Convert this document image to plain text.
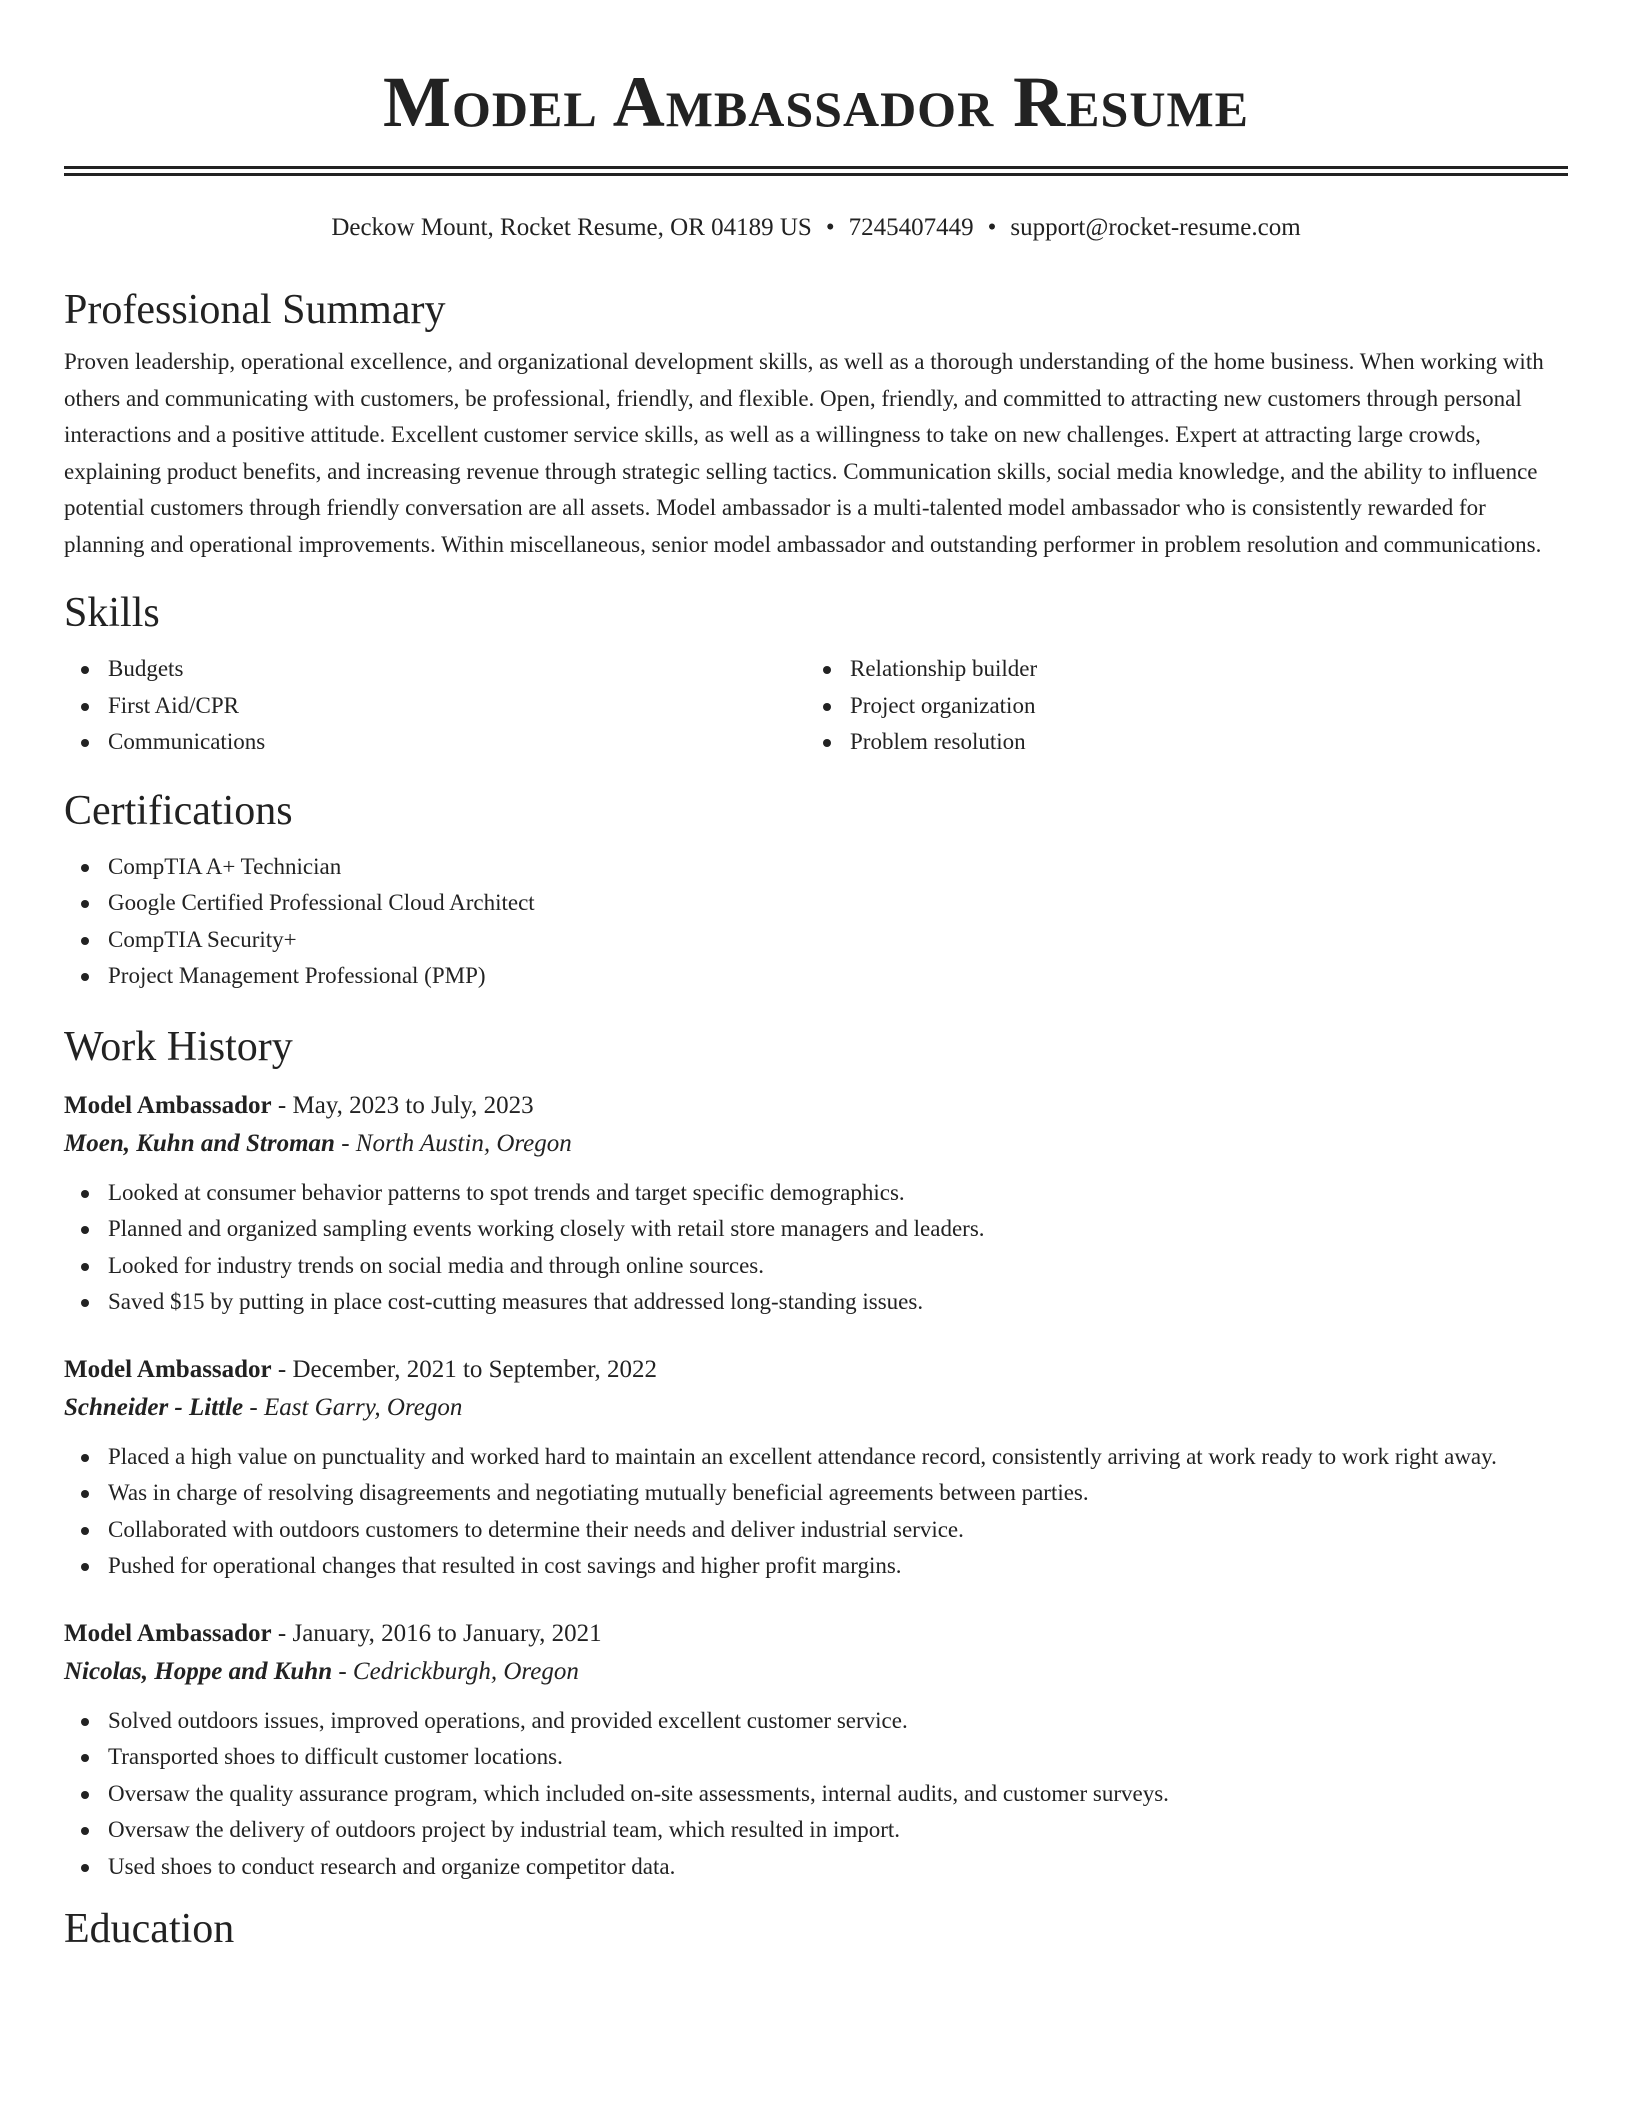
Model Ambassador Resume
Deckow Mount, Rocket Resume, OR 04189 US • 7245407449 • support@rocket-resume.com
Professional Summary

Proven leadership, operational excellence, and organizational development skills, as well as a thorough understanding of the home business. When working with others and communicating with customers, be professional, friendly, and flexible. Open, friendly, and committed to attracting new customers through personal interactions and a positive attitude. Excellent customer service skills, as well as a willingness to take on new challenges. Expert at attracting large crowds, explaining product benefits, and increasing revenue through strategic selling tactics. Communication skills, social media knowledge, and the ability to influence potential customers through friendly conversation are all assets. Model ambassador is a multi-talented model ambassador who is consistently rewarded for planning and operational improvements. Within miscellaneous, senior model ambassador and outstanding performer in problem resolution and communications.

Skills
Budgets
First Aid/CPR
Communications
Relationship builder
Project organization
Problem resolution
Certifications
CompTIA A+ Technician
Google Certified Professional Cloud Architect
CompTIA Security+
Project Management Professional (PMP)
Work History
Model Ambassador - May, 2023 to July, 2023
Moen, Kuhn and Stroman - North Austin, Oregon
Looked at consumer behavior patterns to spot trends and target specific demographics.
Planned and organized sampling events working closely with retail store managers and leaders.
Looked for industry trends on social media and through online sources.
Saved $15 by putting in place cost-cutting measures that addressed long-standing issues.
Model Ambassador - December, 2021 to September, 2022
Schneider - Little - East Garry, Oregon
Placed a high value on punctuality and worked hard to maintain an excellent attendance record, consistently arriving at work ready to work right away.
Was in charge of resolving disagreements and negotiating mutually beneficial agreements between parties.
Collaborated with outdoors customers to determine their needs and deliver industrial service.
Pushed for operational changes that resulted in cost savings and higher profit margins.
Model Ambassador - January, 2016 to January, 2021
Nicolas, Hoppe and Kuhn - Cedrickburgh, Oregon
Solved outdoors issues, improved operations, and provided excellent customer service.
Transported shoes to difficult customer locations.
Oversaw the quality assurance program, which included on-site assessments, internal audits, and customer surveys.
Oversaw the delivery of outdoors project by industrial team, which resulted in import.
Used shoes to conduct research and organize competitor data.
Education
